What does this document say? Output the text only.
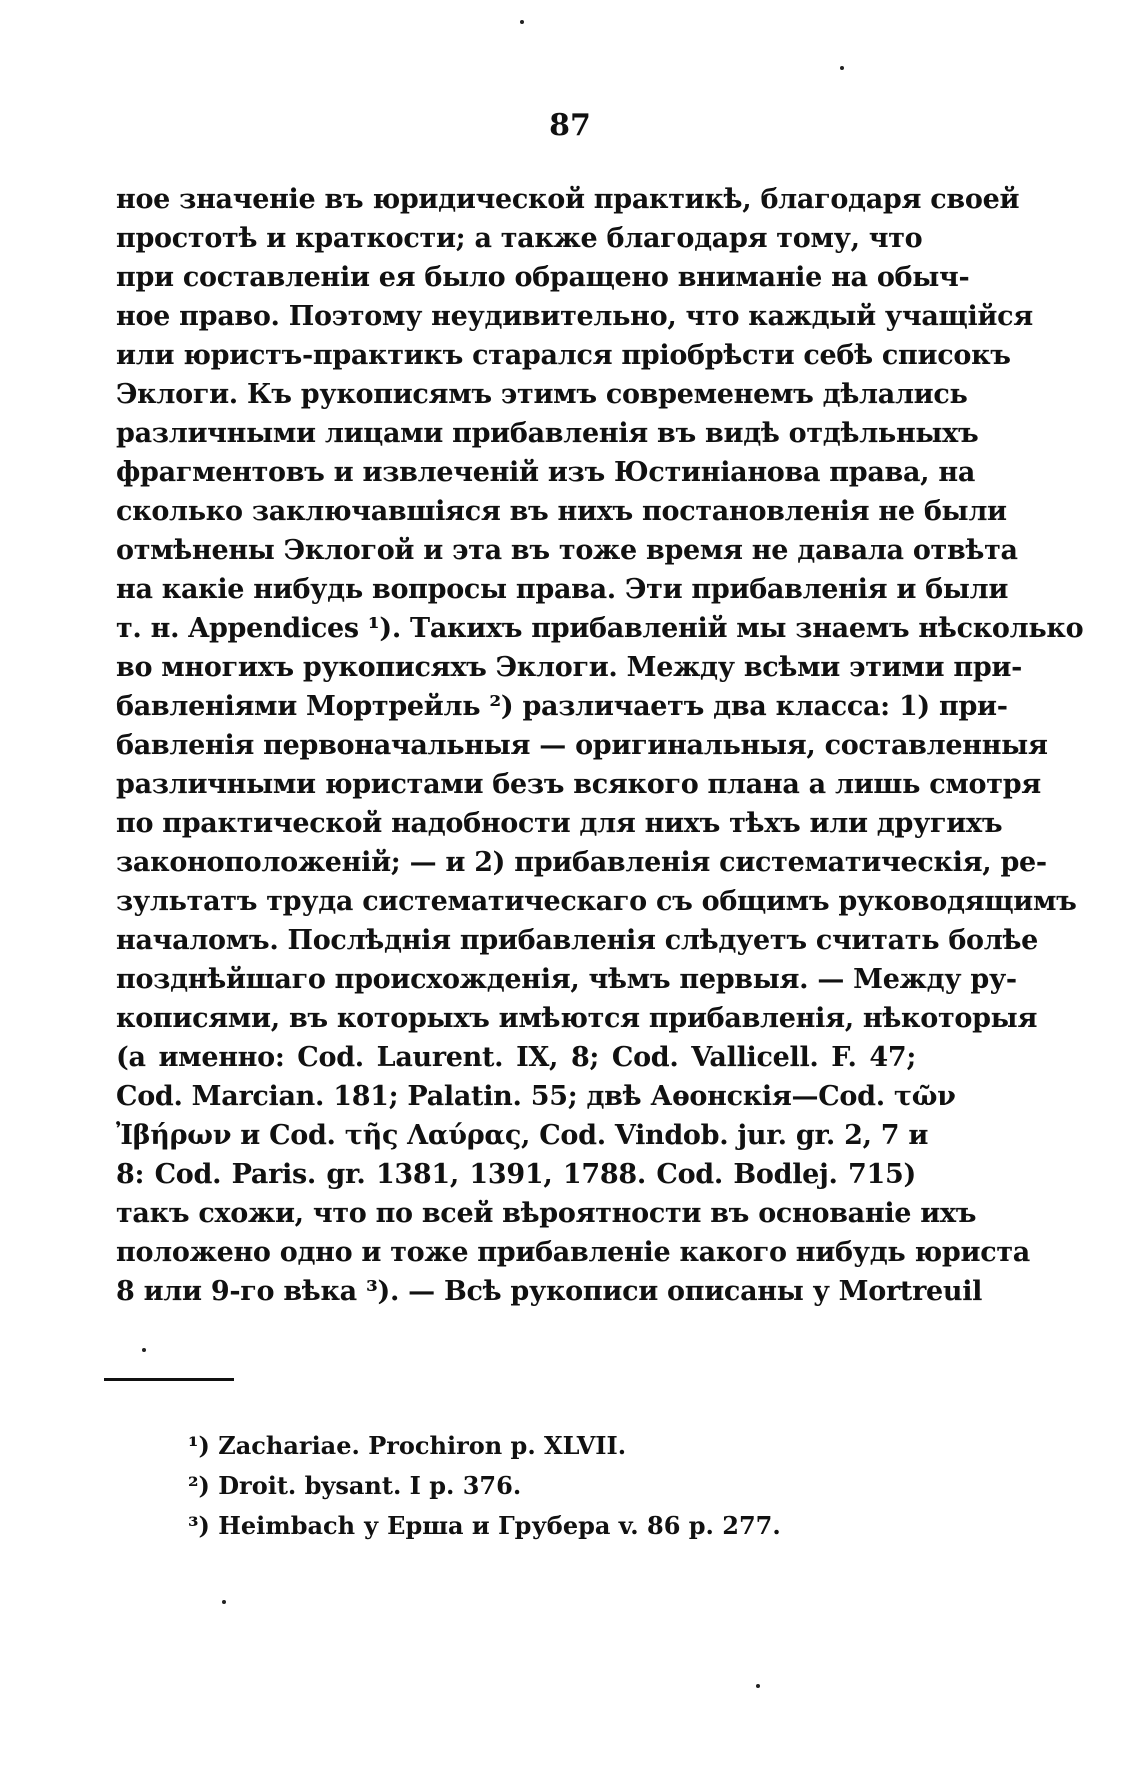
87
ное значеніе въ юридической практикѣ, благодаря своей
простотѣ и краткости; а также благодаря тому, что
при составленіи ея было обращено вниманіе на обыч-
ное право. Поэтому неудивительно, что каждый учащійся
или юристъ-практикъ старался пріобрѣсти себѣ списокъ
Эклоги. Къ рукописямъ этимъ современемъ дѣлались
различными лицами прибавленія въ видѣ отдѣльныхъ
фрагментовъ и извлеченій изъ Юстиніанова права, на
сколько заключавшіяся въ нихъ постановленія не были
отмѣнены Эклогой и эта въ тоже время не давала отвѣта
на какіе нибудь вопросы права. Эти прибавленія и были
т. н. Appendices ¹). Такихъ прибавленій мы знаемъ нѣсколько
во многихъ рукописяхъ Эклоги. Между всѣми этими при-
бавленіями Мортрейль ²) различаетъ два класса: 1) при-
бавленія первоначальныя — оригинальныя, составленныя
различными юристами безъ всякого плана а лишь смотря
по практической надобности для нихъ тѣхъ или другихъ
законоположеній; — и 2) прибавленія систематическія, ре-
зультатъ труда систематическаго съ общимъ руководящимъ
началомъ. Послѣднія прибавленія слѣдуетъ считать болѣе
позднѣйшаго происхожденія, чѣмъ первыя. — Между ру-
кописями, въ которыхъ имѣются прибавленія, нѣкоторыя
(а именно: Cod. Laurent. IX, 8; Cod. Vallicell. F. 47;
Cod. Marcian. 181; Palatin. 55; двѣ Аѳонскія—Cod. τῶν
Ἰβήρων и Cod. τῆς Λαύρας, Cod. Vindob. jur. gr. 2, 7 и
8: Cod. Paris. gr. 1381, 1391, 1788. Cod. Bodlej. 715)
такъ схожи, что по всей вѣроятности въ основаніе ихъ
положено одно и тоже прибавленіе какого нибудь юриста
8 или 9-го вѣка ³). — Всѣ рукописи описаны у Mortreuil
¹) Zachariae. Prochiron p. XLVII.
²) Droit. bysant. I p. 376.
³) Heimbach у Ерша и Грубера v. 86 p. 277.
